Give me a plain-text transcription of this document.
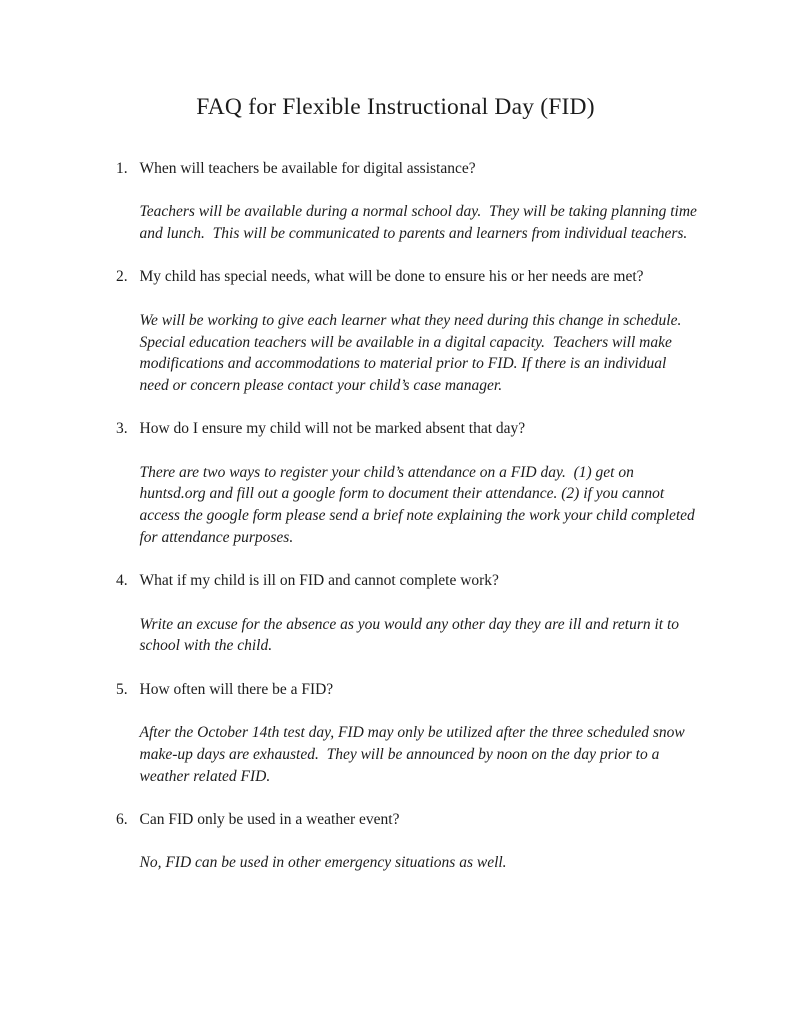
FAQ for Flexible Instructional Day (FID)
1. When will teachers be available for digital assistance?

Teachers will be available during a normal school day.  They will be taking planning time and lunch.  This will be communicated to parents and learners from individual teachers.

2. My child has special needs, what will be done to ensure his or her needs are met?

We will be working to give each learner what they need during this change in schedule. Special education teachers will be available in a digital capacity.  Teachers will make modifications and accommodations to material prior to FID. If there is an individual need or concern please contact your child’s case manager.

3. How do I ensure my child will not be marked absent that day?

There are two ways to register your child’s attendance on a FID day.  (1) get on huntsd.org and fill out a google form to document their attendance. (2) if you cannot access the google form please send a brief note explaining the work your child completed for attendance purposes.

4. What if my child is ill on FID and cannot complete work?

Write an excuse for the absence as you would any other day they are ill and return it to school with the child.

5. How often will there be a FID?

After the October 14th test day, FID may only be utilized after the three scheduled snow make-up days are exhausted.  They will be announced by noon on the day prior to a weather related FID.

6. Can FID only be used in a weather event?

No, FID can be used in other emergency situations as well.
